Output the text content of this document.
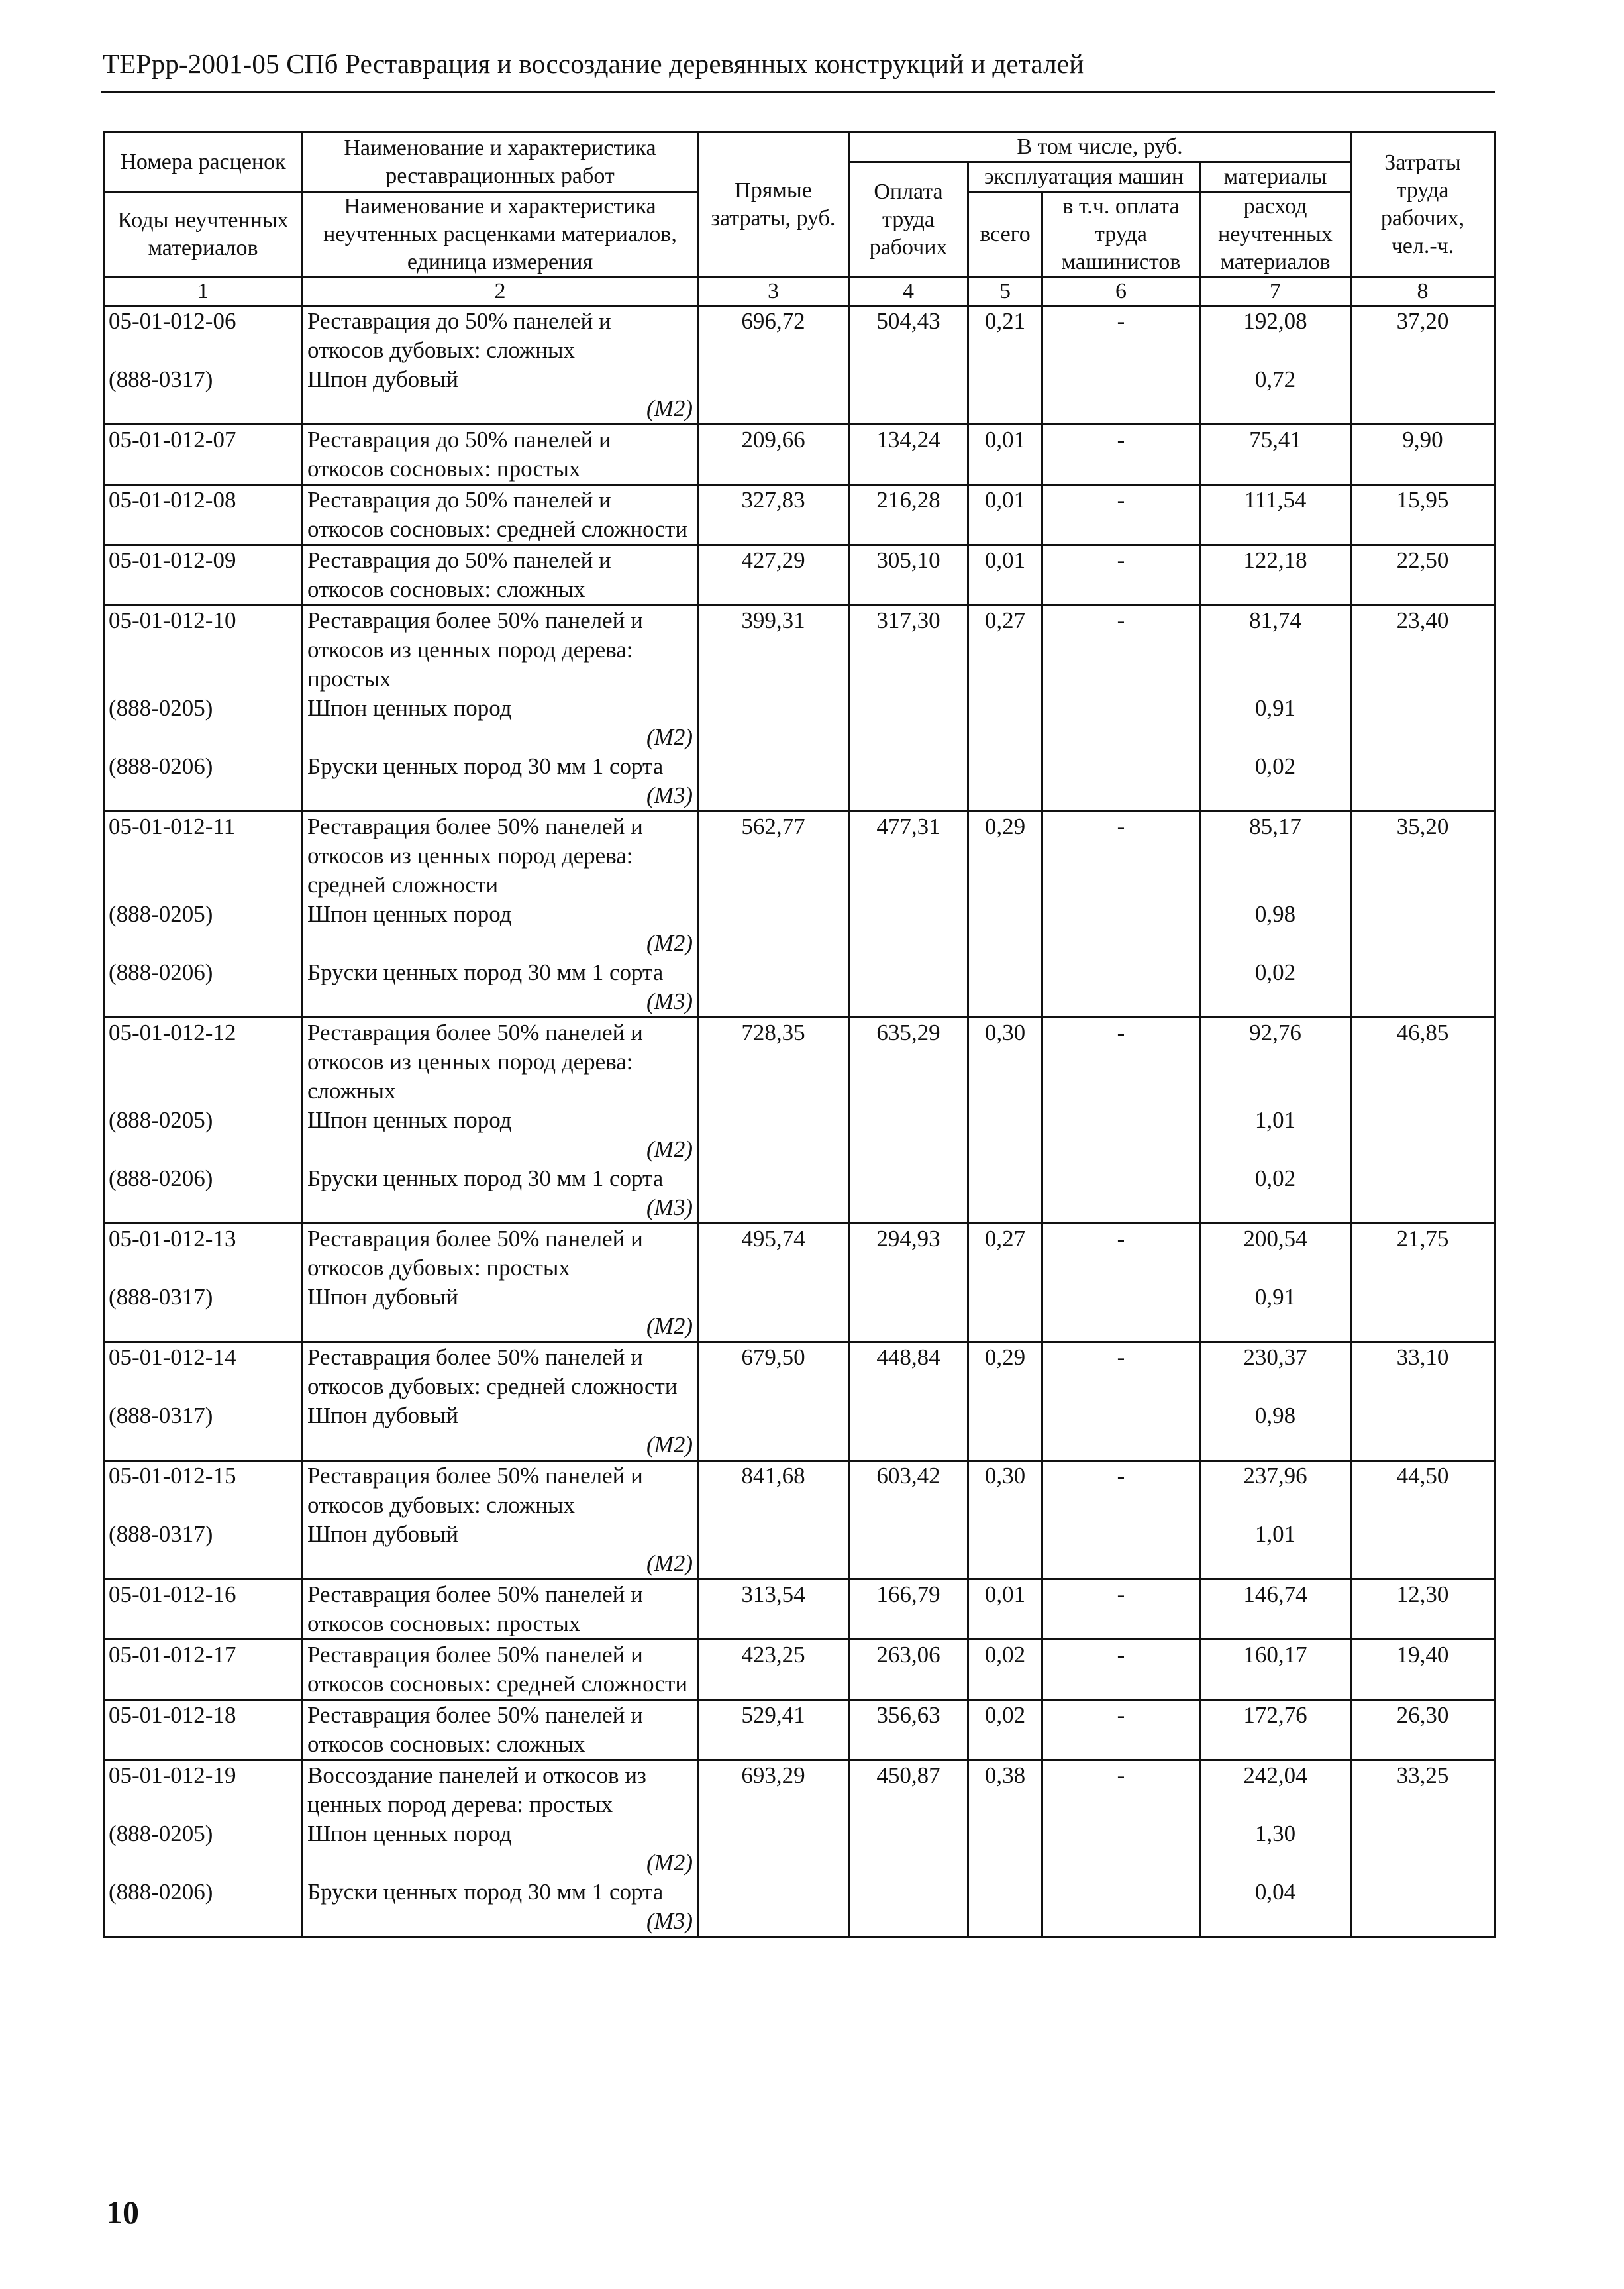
ТЕРрр-2001-05 СПб Реставрация и воссоздание деревянных конструкций и деталей
Номера расценок	Наименование и характеристика реставрационных работ	Прямые затраты, руб.	В том числе, руб.				Затраты труда рабочих, чел.-ч.
			Оплата труда рабочих	эксплуатация машин		материалы	
Коды неучтенных материалов	Наименование и характеристика неучтенных расценками материалов, единица измерения			всего	в т.ч. оплата труда машинистов	расход неучтенных материалов	

1	2	3	4	5	6	7	8
05-01-012-06	Реставрация до 50% панелей и откосов дубовых: сложных	696,72	504,43	0,21	-	192,08	37,20
(888-0317)	Шпон дубовый					0,72	
	(М2)						
05-01-012-07	Реставрация до 50% панелей и откосов сосновых: простых	209,66	134,24	0,01	-	75,41	9,90
05-01-012-08	Реставрация до 50% панелей и откосов сосновых: средней сложности	327,83	216,28	0,01	-	111,54	15,95
05-01-012-09	Реставрация до 50% панелей и откосов сосновых: сложных	427,29	305,10	0,01	-	122,18	22,50
05-01-012-10	Реставрация более 50% панелей и откосов из ценных пород дерева: простых	399,31	317,30	0,27	-	81,74	23,40
(888-0205)	Шпон ценных пород					0,91	
	(М2)						
(888-0206)	Бруски ценных пород 30 мм 1 сорта					0,02	
	(М3)						
05-01-012-11	Реставрация более 50% панелей и откосов из ценных пород дерева: средней сложности	562,77	477,31	0,29	-	85,17	35,20
(888-0205)	Шпон ценных пород					0,98	
	(М2)						
(888-0206)	Бруски ценных пород 30 мм 1 сорта					0,02	
	(М3)						
05-01-012-12	Реставрация более 50% панелей и откосов из ценных пород дерева: сложных	728,35	635,29	0,30	-	92,76	46,85
(888-0205)	Шпон ценных пород					1,01	
	(М2)						
(888-0206)	Бруски ценных пород 30 мм 1 сорта					0,02	
	(М3)						
05-01-012-13	Реставрация более 50% панелей и откосов дубовых: простых	495,74	294,93	0,27	-	200,54	21,75
(888-0317)	Шпон дубовый					0,91	
	(М2)						
05-01-012-14	Реставрация более 50% панелей и откосов дубовых: средней сложности	679,50	448,84	0,29	-	230,37	33,10
(888-0317)	Шпон дубовый					0,98	
	(М2)						
05-01-012-15	Реставрация более 50% панелей и откосов дубовых: сложных	841,68	603,42	0,30	-	237,96	44,50
(888-0317)	Шпон дубовый					1,01	
	(М2)						
05-01-012-16	Реставрация более 50% панелей и откосов сосновых: простых	313,54	166,79	0,01	-	146,74	12,30
05-01-012-17	Реставрация более 50% панелей и откосов сосновых: средней сложности	423,25	263,06	0,02	-	160,17	19,40
05-01-012-18	Реставрация более 50% панелей и откосов сосновых: сложных	529,41	356,63	0,02	-	172,76	26,30
05-01-012-19	Воссоздание панелей и откосов из ценных пород дерева: простых	693,29	450,87	0,38	-	242,04	33,25
(888-0205)	Шпон ценных пород					1,30	
	(М2)						
(888-0206)	Бруски ценных пород 30 мм 1 сорта					0,04	
	(М3)						
10
